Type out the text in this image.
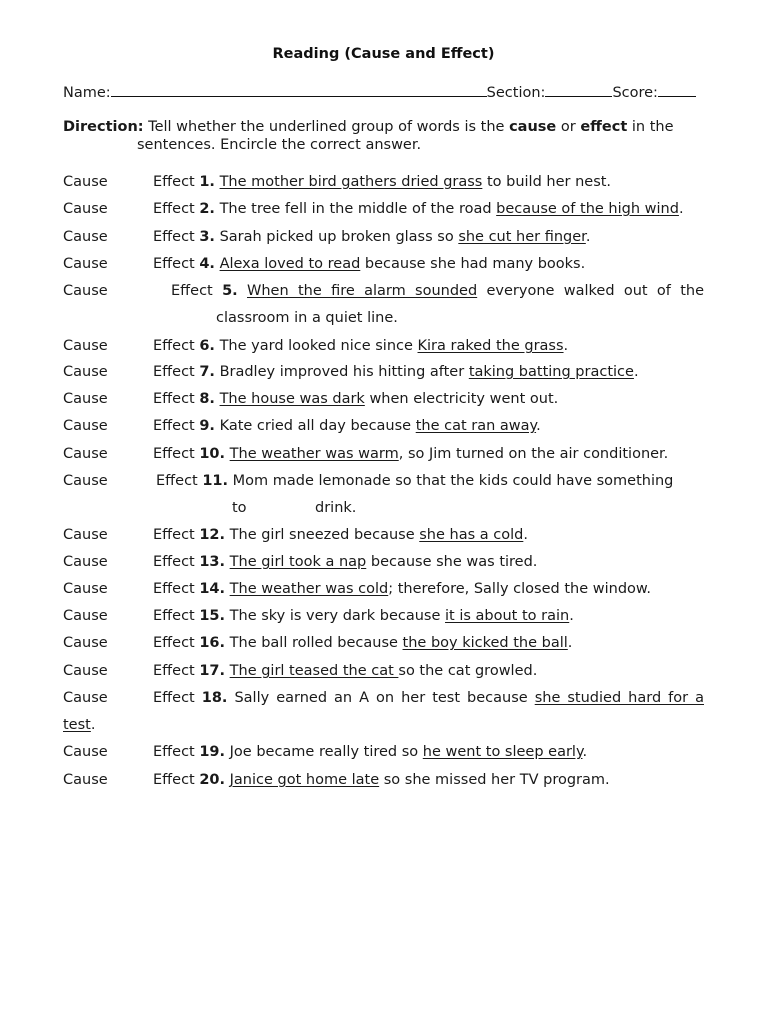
Reading (Cause and Effect)
Name:	Section:	Score:
Direction: Tell whether the underlined group of words is the cause or effect in the
sentences. Encircle the correct answer.
Cause	Effect 1. The mother bird gathers dried grass to build her nest.
Cause	Effect 2. The tree fell in the middle of the road because of the high wind.
Cause	Effect 3. Sarah picked up broken glass so she cut her finger.
Cause	Effect 4. Alexa loved to read because she had many books.
Cause	Effect 5. When the fire alarm sounded everyone walked out of the
classroom in a quiet line.
Cause	Effect 6. The yard looked nice since Kira raked the grass.
Cause	Effect 7. Bradley improved his hitting after taking batting practice.
Cause	Effect 8. The house was dark when electricity went out.
Cause	Effect 9. Kate cried all day because the cat ran away.
Cause	Effect 10. The weather was warm, so Jim turned on the air conditioner.
Cause	Effect 11. Mom made lemonade so that the kids could have something
to	drink.
Cause	Effect 12. The girl sneezed because she has a cold.
Cause	Effect 13. The girl took a nap because she was tired.
Cause	Effect 14. The weather was cold; therefore, Sally closed the window.
Cause	Effect 15. The sky is very dark because it is about to rain.
Cause	Effect 16. The ball rolled because the boy kicked the ball.
Cause	Effect 17. The girl teased the cat so the cat growled.
Cause	Effect 18. Sally earned an A on her test because she studied hard for a
test.
Cause	Effect 19. Joe became really tired so he went to sleep early.
Cause	Effect 20. Janice got home late so she missed her TV program.
